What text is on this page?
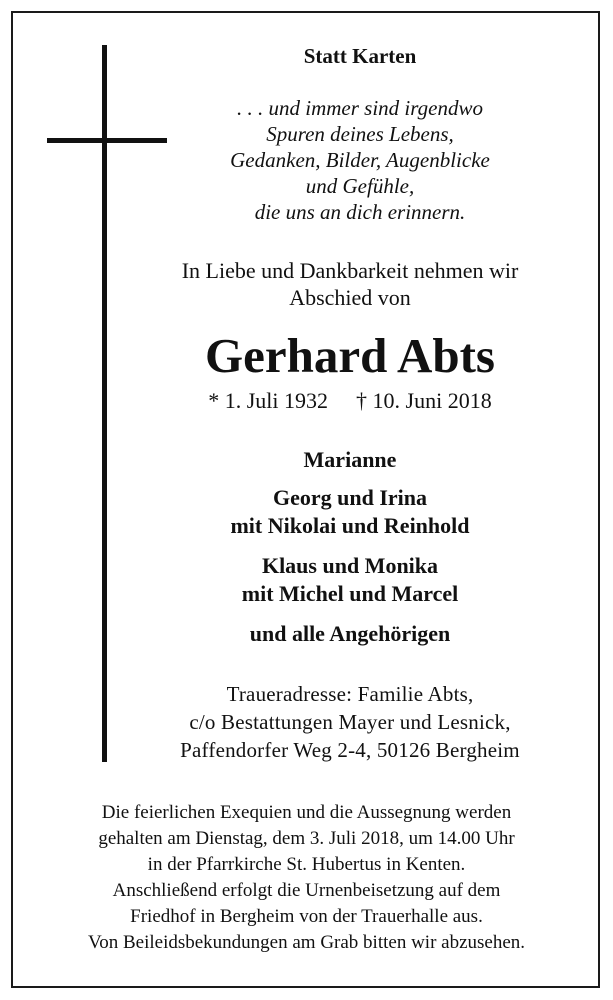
Statt Karten
. . . und immer sind irgendwo
Spuren deines Lebens,
Gedanken, Bilder, Augenblicke
und Gefühle,
die uns an dich erinnern.
In Liebe und Dankbarkeit nehmen wir
Abschied von
Gerhard Abts
* 1. Juli 1932 † 10. Juni 2018
Marianne
Georg und Irina
mit Nikolai und Reinhold
Klaus und Monika
mit Michel und Marcel
und alle Angehörigen
Traueradresse: Familie Abts,
c/o Bestattungen Mayer und Lesnick,
Paffendorfer Weg 2-4, 50126 Bergheim
Die feierlichen Exequien und die Aussegnung werden
gehalten am Dienstag, dem 3. Juli 2018, um 14.00 Uhr
in der Pfarrkirche St. Hubertus in Kenten.
Anschließend erfolgt die Urnenbeisetzung auf dem
Friedhof in Bergheim von der Trauerhalle aus.
Von Beileidsbekundungen am Grab bitten wir abzusehen.
